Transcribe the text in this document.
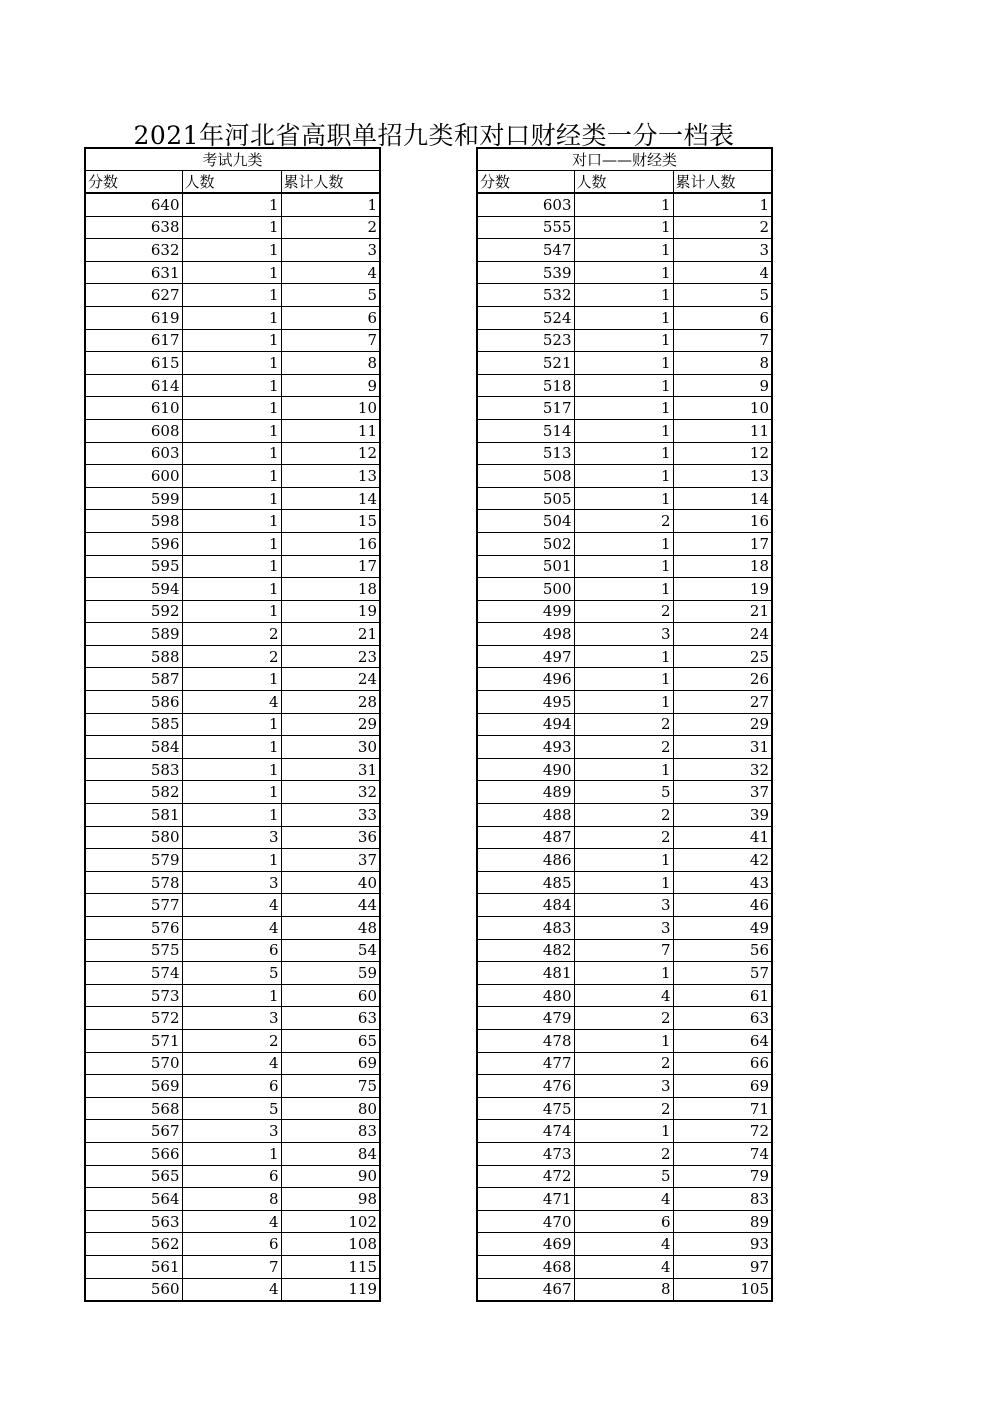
2021年河北省高职单招九类和对口财经类一分一档表
考试九类		
分数	人数	累计人数
640	1	1
638	1	2
632	1	3
631	1	4
627	1	5
619	1	6
617	1	7
615	1	8
614	1	9
610	1	10
608	1	11
603	1	12
600	1	13
599	1	14
598	1	15
596	1	16
595	1	17
594	1	18
592	1	19
589	2	21
588	2	23
587	1	24
586	4	28
585	1	29
584	1	30
583	1	31
582	1	32
581	1	33
580	3	36
579	1	37
578	3	40
577	4	44
576	4	48
575	6	54
574	5	59
573	1	60
572	3	63
571	2	65
570	4	69
569	6	75
568	5	80
567	3	83
566	1	84
565	6	90
564	8	98
563	4	102
562	6	108
561	7	115
560	4	119
对口——财经类		
分数	人数	累计人数
603	1	1
555	1	2
547	1	3
539	1	4
532	1	5
524	1	6
523	1	7
521	1	8
518	1	9
517	1	10
514	1	11
513	1	12
508	1	13
505	1	14
504	2	16
502	1	17
501	1	18
500	1	19
499	2	21
498	3	24
497	1	25
496	1	26
495	1	27
494	2	29
493	2	31
490	1	32
489	5	37
488	2	39
487	2	41
486	1	42
485	1	43
484	3	46
483	3	49
482	7	56
481	1	57
480	4	61
479	2	63
478	1	64
477	2	66
476	3	69
475	2	71
474	1	72
473	2	74
472	5	79
471	4	83
470	6	89
469	4	93
468	4	97
467	8	105
